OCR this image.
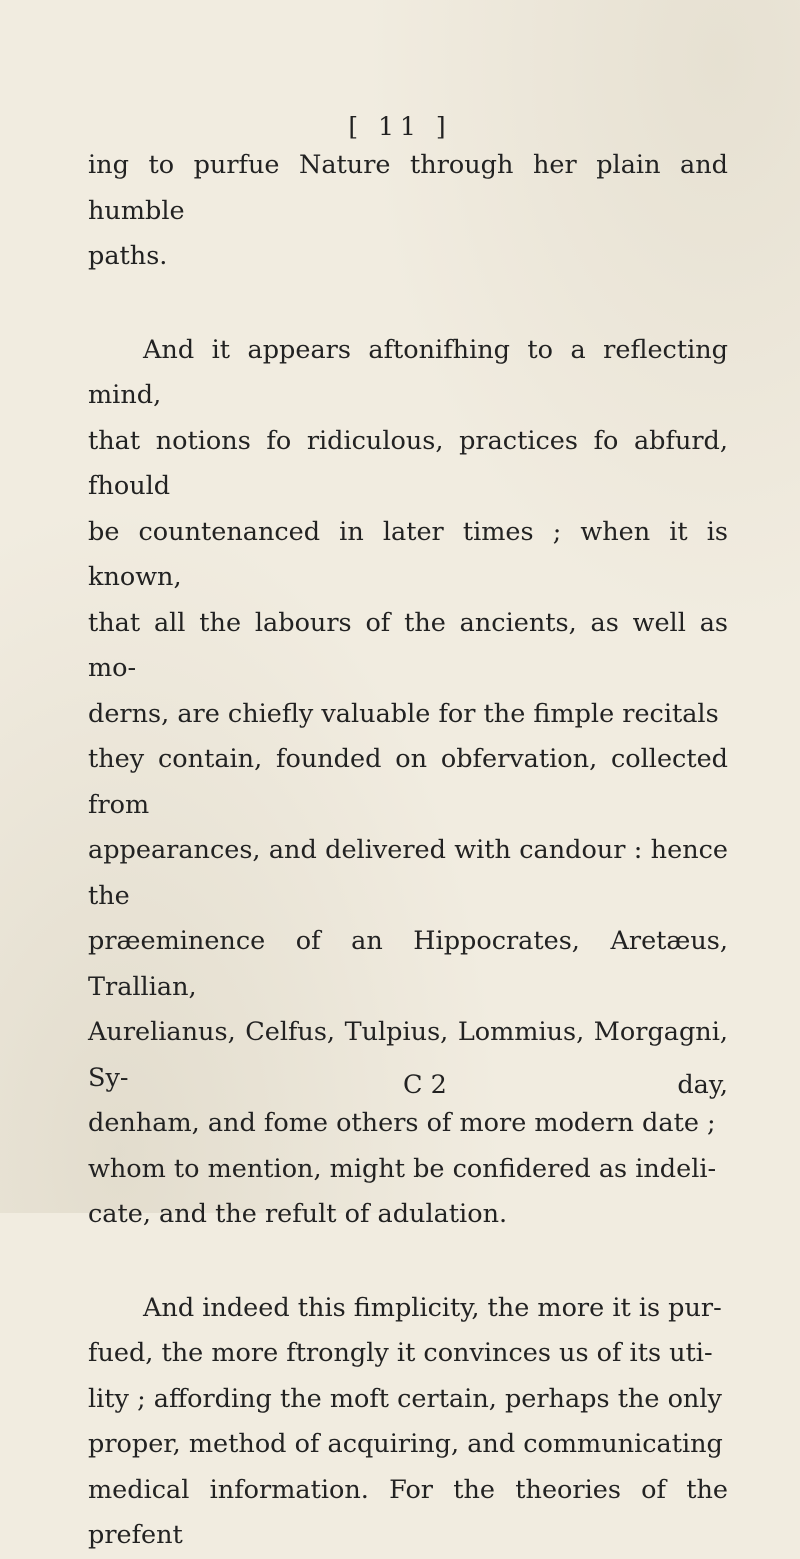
[ 11 ]

ing to purfue Nature through her plain and humble

paths.

And it appears aftonifhing to a reflecting mind,

that notions fo ridiculous, practices fo abfurd, fhould

be countenanced in later times ; when it is known,

that all the labours of the ancients, as well as mo-

derns, are chiefly valuable for the fimple recitals

they contain, founded on obfervation, collected from

appearances, and delivered with candour : hence the

præeminence of an Hippocrates, Aretæus, Trallian,

Aurelianus, Celfus, Tulpius, Lommius, Morgagni, Sy-

denham, and fome others of more modern date ;

whom to mention, might be confidered as indeli-

cate, and the refult of adulation.

And indeed this fimplicity, the more it is pur-

fued, the more ftrongly it convinces us of its uti-

lity ; affording the moft certain, perhaps the only

proper, method of acquiring, and communicating

medical information. For the theories of the prefent

C 2	day,
